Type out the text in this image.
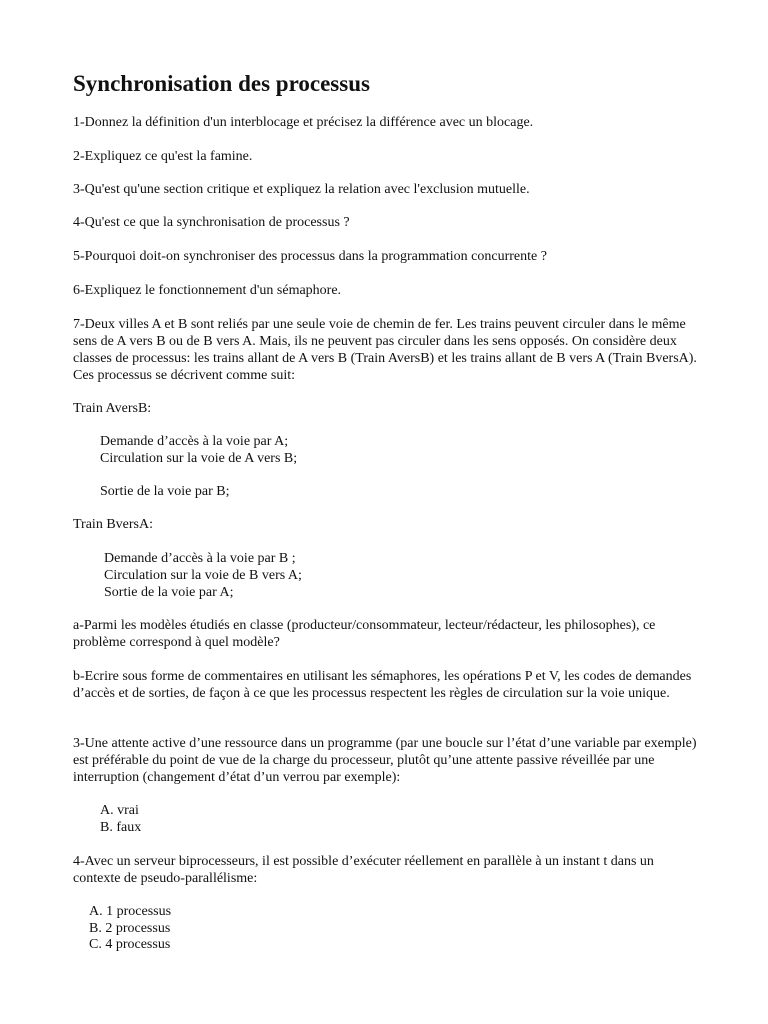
Synchronisation des processus

1-Donnez la définition d'un interblocage et précisez la différence avec un blocage.

2-Expliquez ce qu'est la famine.

3-Qu'est qu'une section critique et expliquez la relation avec l'exclusion mutuelle.

4-Qu'est ce que la synchronisation de processus ?

5-Pourquoi doit-on synchroniser des processus dans la programmation concurrente ?

6-Expliquez le fonctionnement d'un sémaphore.

7-Deux villes A et B sont reliés par une seule voie de chemin de fer. Les trains peuvent circuler dans le même sens de A vers B ou de B vers A. Mais, ils ne peuvent pas circuler dans les sens opposés. On considère deux classes de processus: les trains allant de A vers B (Train AversB) et les trains allant de B vers A (Train BversA). Ces processus se décrivent comme suit:

Train AversB:

Demande d’accès à la voie par A;

Circulation sur la voie de A vers B;

Sortie de la voie par B;

Train BversA:

Demande d’accès à la voie par B ;

Circulation sur la voie de B vers A;

Sortie de la voie par A;

a-Parmi les modèles étudiés en classe (producteur/consommateur, lecteur/rédacteur, les philosophes), ce problème correspond à quel modèle?

b-Ecrire sous forme de commentaires en utilisant les sémaphores, les opérations P et V, les codes de demandes d’accès et de sorties, de façon à ce que les processus respectent les règles de circulation sur la voie unique.

3-Une attente active d’une ressource dans un programme (par une boucle sur l’état d’une variable par exemple) est préférable du point de vue de la charge du processeur, plutôt qu’une attente passive réveillée par une interruption (changement d’état d’un verrou par exemple):

A. vrai

B. faux

4-Avec un serveur biprocesseurs, il est possible d’exécuter réellement en parallèle à un instant t dans un contexte de pseudo-parallélisme:

A. 1 processus

B. 2 processus

C. 4 processus
